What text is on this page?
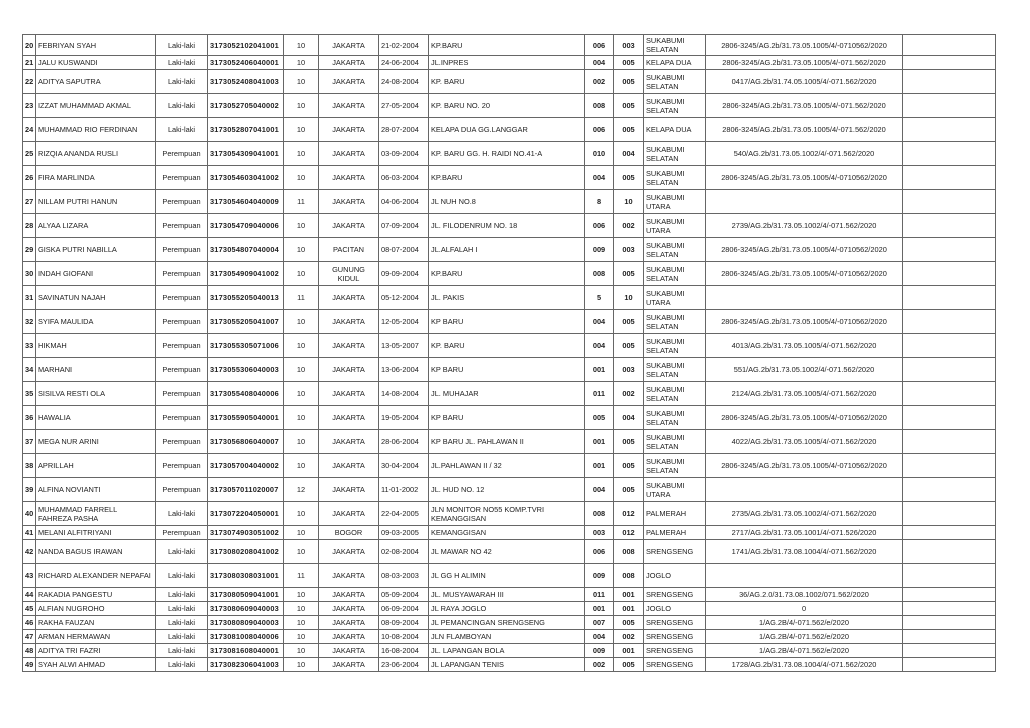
20	FEBRIYAN SYAH	Laki-laki	3173052102041001	10	JAKARTA	21-02-2004	KP.BARU	006	003	SUKABUMI SELATAN	2806-3245/AG.2b/31.73.05.1005/4/-0710562/2020	
21	JALU KUSWANDI	Laki-laki	3173052406040001	10	JAKARTA	24-06-2004	JL.INPRES	004	005	KELAPA DUA	2806-3245/AG.2b/31.73.05.1005/4/-071.562/2020	
22	ADITYA SAPUTRA	Laki-laki	3173052408041003	10	JAKARTA	24-08-2004	KP. BARU	002	005	SUKABUMI SELATAN	0417/AG.2b/31.74.05.1005/4/-071.562/2020	
23	IZZAT MUHAMMAD AKMAL	Laki-laki	3173052705040002	10	JAKARTA	27-05-2004	KP. BARU NO. 20	008	005	SUKABUMI SELATAN	2806-3245/AG.2b/31.73.05.1005/4/-071.562/2020	
24	MUHAMMAD RIO FERDINAN	Laki-laki	3173052807041001	10	JAKARTA	28-07-2004	KELAPA DUA GG.LANGGAR	006	005	KELAPA DUA	2806-3245/AG.2b/31.73.05.1005/4/-071.562/2020	
25	RIZQIA ANANDA RUSLI	Perempuan	3173054309041001	10	JAKARTA	03-09-2004	KP. BARU GG. H. RAIDI NO.41-A	010	004	SUKABUMI SELATAN	540/AG.2b/31.73.05.1002/4/-071.562/2020	
26	FIRA MARLINDA	Perempuan	3173054603041002	10	JAKARTA	06-03-2004	KP.BARU	004	005	SUKABUMI SELATAN	2806-3245/AG.2b/31.73.05.1005/4/-0710562/2020	
27	NILLAM PUTRI HANUN	Perempuan	3173054604040009	11	JAKARTA	04-06-2004	JL NUH NO.8	8	10	SUKABUMI UTARA		
28	ALYAA LIZARA	Perempuan	3173054709040006	10	JAKARTA	07-09-2004	JL. FILODENRUM NO. 18	006	002	SUKABUMI UTARA	2739/AG.2b/31.73.05.1002/4/-071.562/2020	
29	GISKA PUTRI NABILLA	Perempuan	3173054807040004	10	PACITAN	08-07-2004	JL.ALFALAH I	009	003	SUKABUMI SELATAN	2806-3245/AG.2b/31.73.05.1005/4/-0710562/2020	
30	INDAH GIOFANI	Perempuan	3173054909041002	10	GUNUNG KIDUL	09-09-2004	KP.BARU	008	005	SUKABUMI SELATAN	2806-3245/AG.2b/31.73.05.1005/4/-0710562/2020	
31	SAVINATUN NAJAH	Perempuan	3173055205040013	11	JAKARTA	05-12-2004	JL. PAKIS	5	10	SUKABUMI UTARA		
32	SYIFA MAULIDA	Perempuan	3173055205041007	10	JAKARTA	12-05-2004	KP BARU	004	005	SUKABUMI SELATAN	2806-3245/AG.2b/31.73.05.1005/4/-0710562/2020	
33	HIKMAH	Perempuan	3173055305071006	10	JAKARTA	13-05-2007	KP. BARU	004	005	SUKABUMI SELATAN	4013/AG.2b/31.73.05.1005/4/-071.562/2020	
34	MARHANI	Perempuan	3173055306040003	10	JAKARTA	13-06-2004	KP BARU	001	003	SUKABUMI SELATAN	551/AG.2b/31.73.05.1002/4/-071.562/2020	
35	SISILVA RESTI OLA	Perempuan	3173055408040006	10	JAKARTA	14-08-2004	JL. MUHAJAR	011	002	SUKABUMI SELATAN	2124/AG.2b/31.73.05.1005/4/-071.562/2020	
36	HAWALIA	Perempuan	3173055905040001	10	JAKARTA	19-05-2004	KP BARU	005	004	SUKABUMI SELATAN	2806-3245/AG.2b/31.73.05.1005/4/-0710562/2020	
37	MEGA NUR ARINI	Perempuan	3173056806040007	10	JAKARTA	28-06-2004	KP BARU JL. PAHLAWAN II	001	005	SUKABUMI SELATAN	4022/AG.2b/31.73.05.1005/4/-071.562/2020	
38	APRILLAH	Perempuan	3173057004040002	10	JAKARTA	30-04-2004	JL.PAHLAWAN II / 32	001	005	SUKABUMI SELATAN	2806-3245/AG.2b/31.73.05.1005/4/-0710562/2020	
39	ALFINA NOVIANTI	Perempuan	3173057011020007	12	JAKARTA	11-01-2002	JL. HUD NO. 12	004	005	SUKABUMI UTARA		
40	MUHAMMAD FARRELL FAHREZA PASHA	Laki-laki	3173072204050001	10	JAKARTA	22-04-2005	JLN MONITOR NO55 KOMP.TVRI KEMANGGISAN	008	012	PALMERAH	2735/AG.2b/31.73.05.1002/4/-071.562/2020	
41	MELANI ALFITRIYANI	Perempuan	3173074903051002	10	BOGOR	09-03-2005	KEMANGGISAN	003	012	PALMERAH	2717/AG.2b/31.73.05.1001/4/-071.526/2020	
42	NANDA BAGUS IRAWAN	Laki-laki	3173080208041002	10	JAKARTA	02-08-2004	JL MAWAR NO 42	006	008	SRENGSENG	1741/AG.2b/31.73.08.1004/4/-071.562/2020	
43	RICHARD ALEXANDER NEPAFAI	Laki-laki	3173080308031001	11	JAKARTA	08-03-2003	JL GG H ALIMIN	009	008	JOGLO		
44	RAKADIA PANGESTU	Laki-laki	3173080509041001	10	JAKARTA	05-09-2004	JL. MUSYAWARAH III	011	001	SRENGSENG	36/AG.2.0/31.73.08.1002/071.562/2020	
45	ALFIAN NUGROHO	Laki-laki	3173080609040003	10	JAKARTA	06-09-2004	JL RAYA JOGLO	001	001	JOGLO	0	
46	RAKHA FAUZAN	Laki-laki	3173080809040003	10	JAKARTA	08-09-2004	JL PEMANCINGAN SRENGSENG	007	005	SRENGSENG	1/AG.2B/4/-071.562/e/2020	
47	ARMAN HERMAWAN	Laki-laki	3173081008040006	10	JAKARTA	10-08-2004	JLN FLAMBOYAN	004	002	SRENGSENG	1/AG.2B/4/-071.562/e/2020	
48	ADITYA TRI FAZRI	Laki-laki	3173081608040001	10	JAKARTA	16-08-2004	JL. LAPANGAN BOLA	009	001	SRENGSENG	1/AG.2B/4/-071.562/e/2020	
49	SYAH ALWI AHMAD	Laki-laki	3173082306041003	10	JAKARTA	23-06-2004	JL LAPANGAN TENIS	002	005	SRENGSENG	1728/AG.2b/31.73.08.1004/4/-071.562/2020	
